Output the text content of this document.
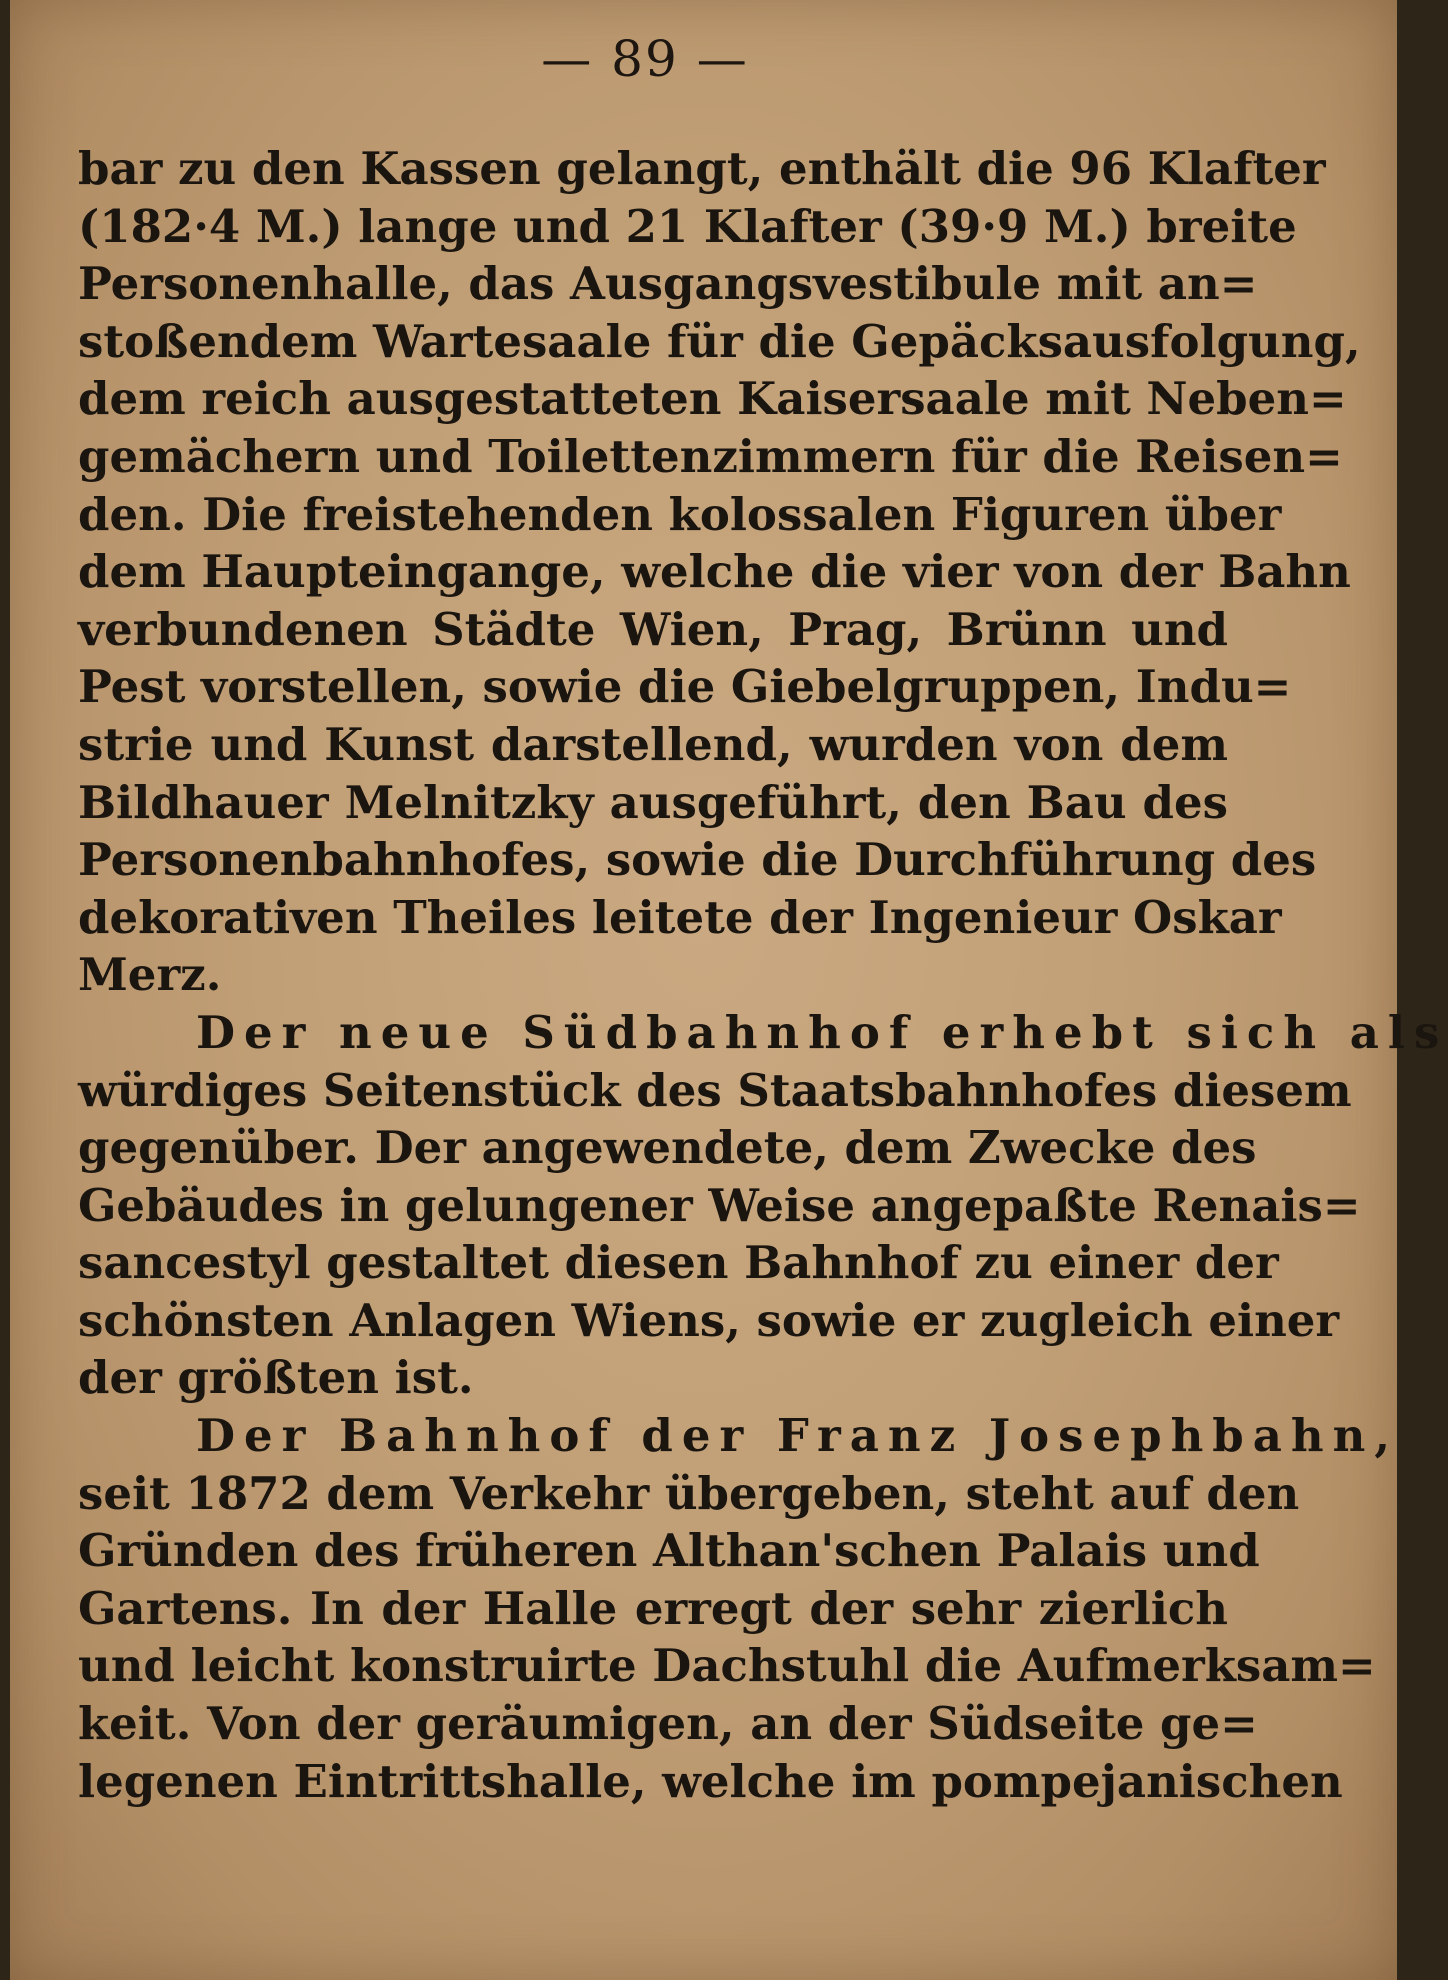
— 89 —
bar zu den Kassen gelangt, enthält die 96 Klafter
(182·4 M.) lange und 21 Klafter (39·9 M.) breite
Personenhalle, das Ausgangsvestibule mit an=
stoßendem Wartesaale für die Gepäcksausfolgung,
dem reich ausgestatteten Kaisersaale mit Neben=
gemächern und Toilettenzimmern für die Reisen=
den. Die freistehenden kolossalen Figuren über
dem Haupteingange, welche die vier von der Bahn
verbundenen Städte Wien, Prag, Brünn und
Pest vorstellen, sowie die Giebelgruppen, Indu=
strie und Kunst darstellend, wurden von dem
Bildhauer Melnitzky ausgeführt, den Bau des
Personenbahnhofes, sowie die Durchführung des
dekorativen Theiles leitete der Ingenieur Oskar
Merz.
Der neue Südbahnhof erhebt sich als
würdiges Seitenstück des Staatsbahnhofes diesem
gegenüber. Der angewendete, dem Zwecke des
Gebäudes in gelungener Weise angepaßte Renais=
sancestyl gestaltet diesen Bahnhof zu einer der
schönsten Anlagen Wiens, sowie er zugleich einer
der größten ist.
Der Bahnhof der Franz Josephbahn,
seit 1872 dem Verkehr übergeben, steht auf den
Gründen des früheren Althan'schen Palais und
Gartens. In der Halle erregt der sehr zierlich
und leicht konstruirte Dachstuhl die Aufmerksam=
keit. Von der geräumigen, an der Südseite ge=
legenen Eintrittshalle, welche im pompejanischen
